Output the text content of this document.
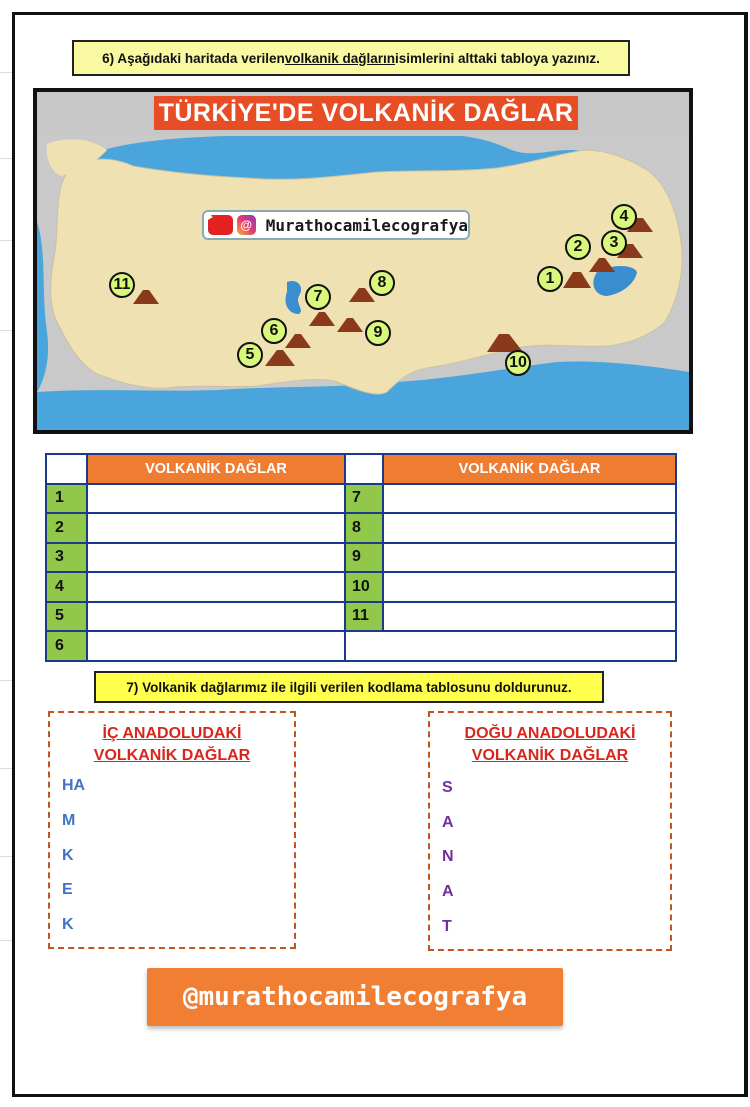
6) Aşağıdaki haritada verilen volkanik dağların isimlerini alttaki tabloya yazınız.
TÜRKİYE'DE VOLKANİK DAĞLAR
@ Murathocamilecografya
11
5
6
7
8
9
10
1
2	3
4
	VOLKANİK DAĞLAR		VOLKANİK DAĞLAR
1		7	
2		8	
3		9	
4		10	
5		11	
6			
7) Volkanik dağlarımız ile ilgili verilen kodlama tablosunu doldurunuz.
İÇ ANADOLUDAKİ
VOLKANİK DAĞLAR
HA
M
K
E
K
DOĞU ANADOLUDAKİ
VOLKANİK DAĞLAR
S
A
N
A
T
@murathocamilecografya
